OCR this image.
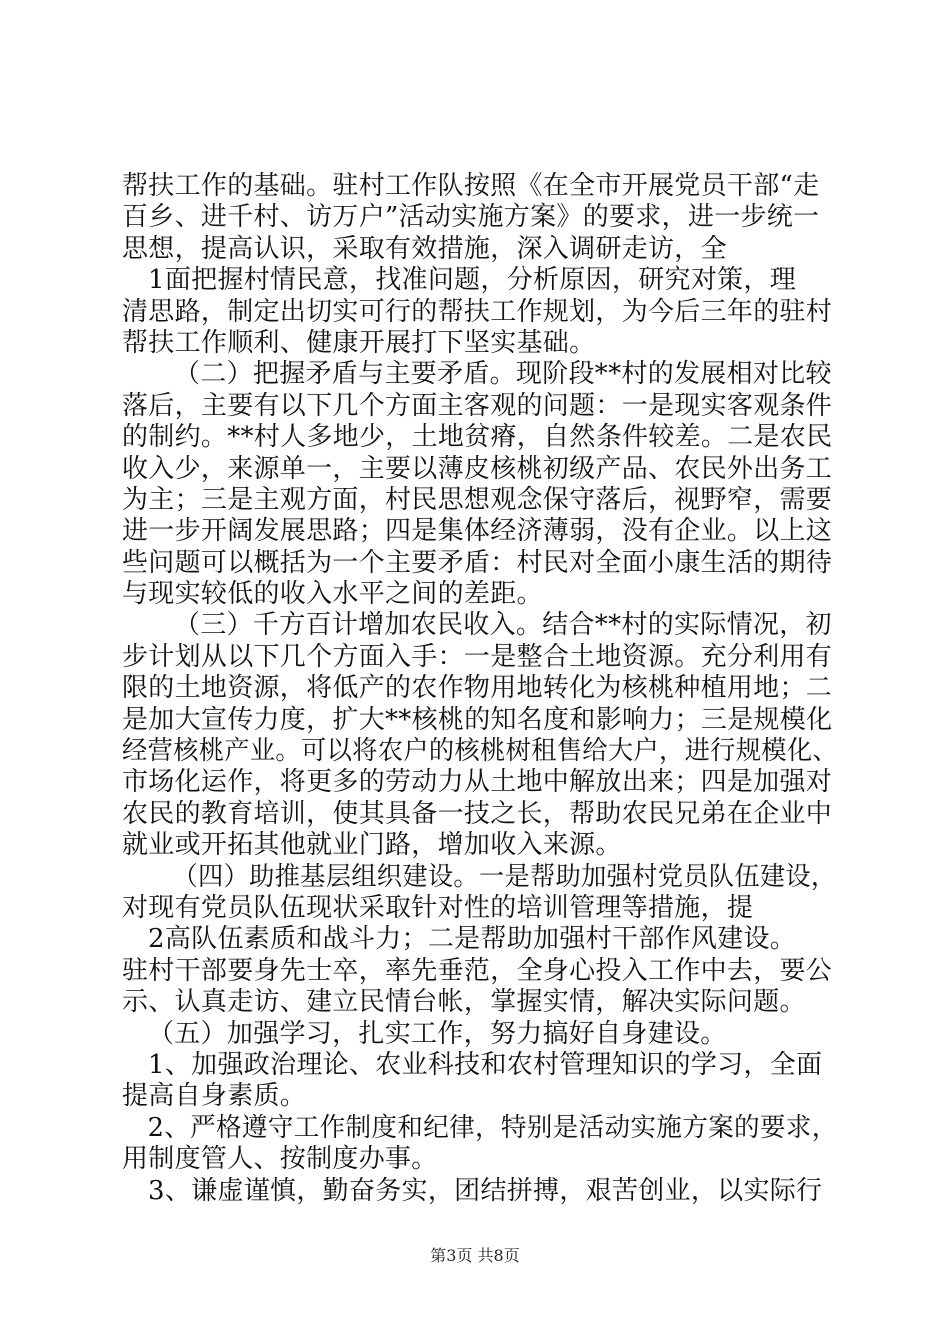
帮扶工作的基础。驻村工作队按照《在全市开展党员干部“走
百乡、进千村、访万户”活动实施方案》的要求，进一步统一
思想，提高认识，采取有效措施，深入调研走访，全
1面把握村情民意，找准问题，分析原因，研究对策，理
清思路，制定出切实可行的帮扶工作规划，为今后三年的驻村
帮扶工作顺利、健康开展打下坚实基础。
（二）把握矛盾与主要矛盾。现阶段**村的发展相对比较
落后，主要有以下几个方面主客观的问题：一是现实客观条件
的制约。**村人多地少，土地贫瘠，自然条件较差。二是农民
收入少，来源单一，主要以薄皮核桃初级产品、农民外出务工
为主；三是主观方面，村民思想观念保守落后，视野窄，需要
进一步开阔发展思路；四是集体经济薄弱，没有企业。以上这
些问题可以概括为一个主要矛盾：村民对全面小康生活的期待
与现实较低的收入水平之间的差距。
（三）千方百计增加农民收入。结合**村的实际情况，初
步计划从以下几个方面入手：一是整合土地资源。充分利用有
限的土地资源，将低产的农作物用地转化为核桃种植用地；二
是加大宣传力度，扩大**核桃的知名度和影响力；三是规模化
经营核桃产业。可以将农户的核桃树租售给大户，进行规模化、
市场化运作，将更多的劳动力从土地中解放出来；四是加强对
农民的教育培训，使其具备一技之长，帮助农民兄弟在企业中
就业或开拓其他就业门路，增加收入来源。
（四）助推基层组织建设。一是帮助加强村党员队伍建设，
对现有党员队伍现状采取针对性的培训管理等措施，提
2高队伍素质和战斗力；二是帮助加强村干部作风建设。
驻村干部要身先士卒，率先垂范，全身心投入工作中去，要公
示、认真走访、建立民情台帐，掌握实情，解决实际问题。
（五）加强学习，扎实工作，努力搞好自身建设。
1、加强政治理论、农业科技和农村管理知识的学习，全面
提高自身素质。
2、严格遵守工作制度和纪律，特别是活动实施方案的要求，
用制度管人、按制度办事。
3、谦虚谨慎，勤奋务实，团结拼搏，艰苦创业，以实际行
第3页 共8页
